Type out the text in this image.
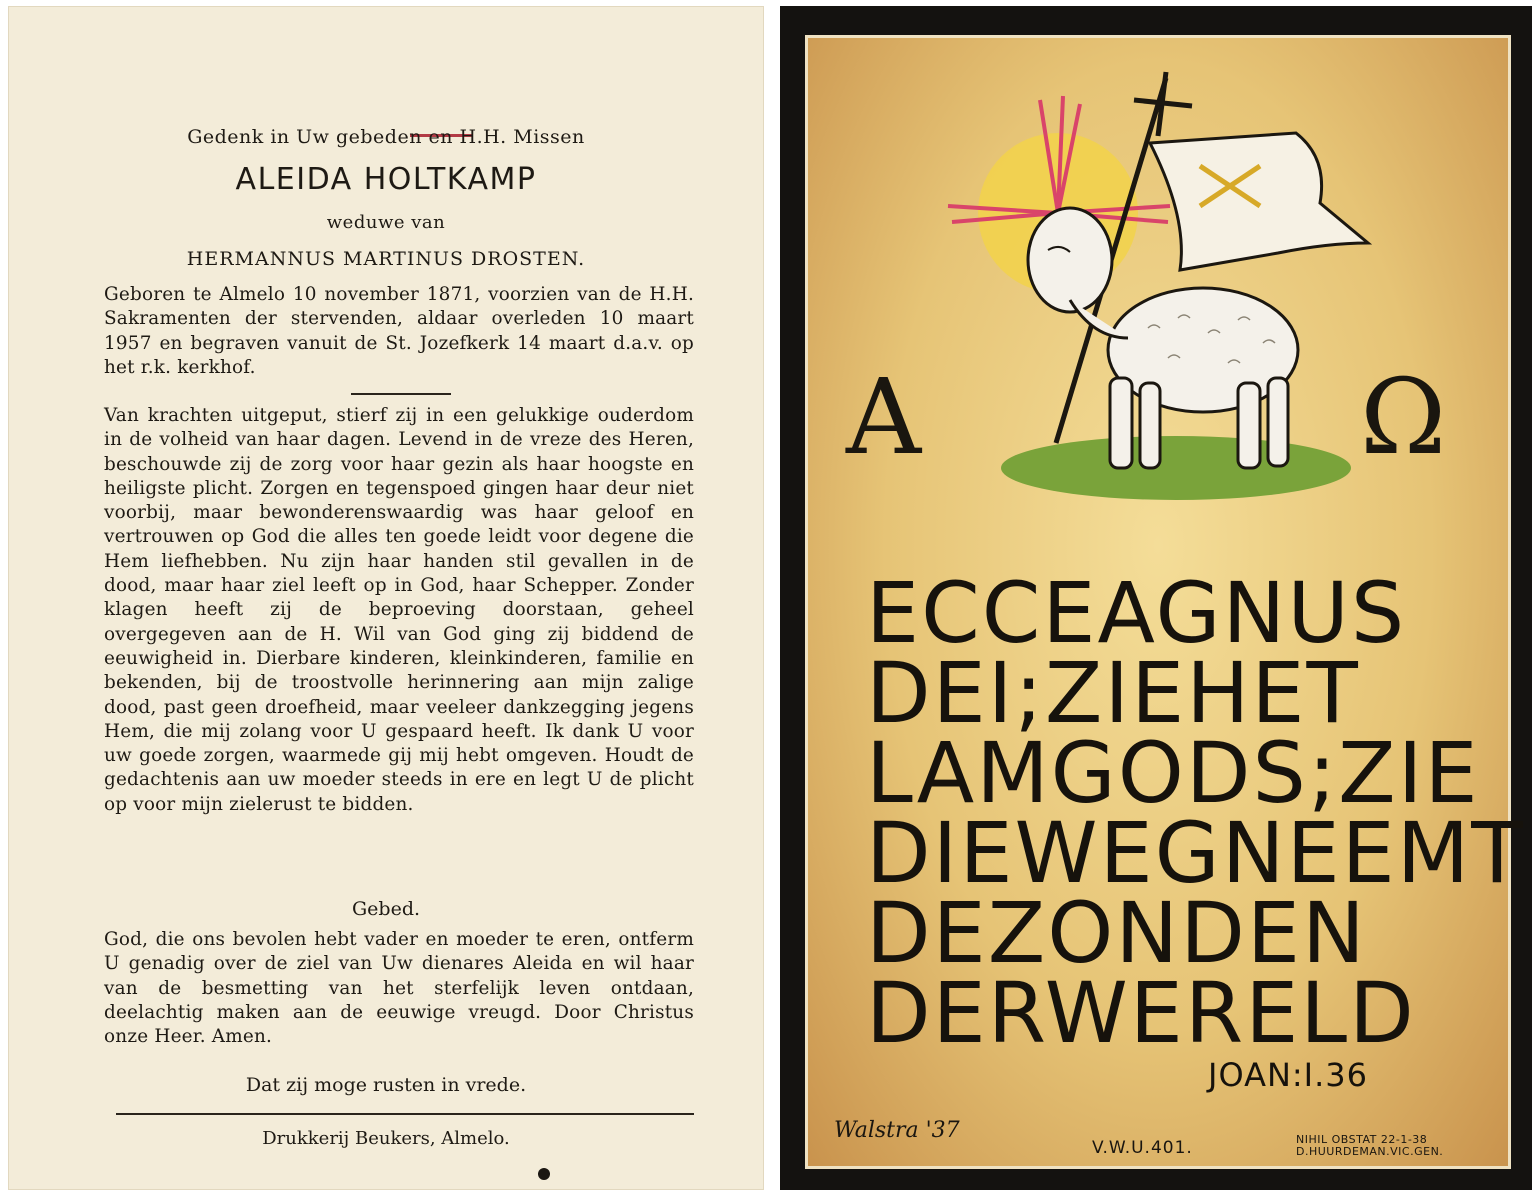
Gedenk in Uw gebeden en H.H. Missen
ALEIDA HOLTKAMP
weduwe van
HERMANNUS MARTINUS DROSTEN.

Geboren te Almelo 10 november 1871, voorzien van de H.H. Sakramenten der stervenden, aldaar overleden 10 maart 1957 en begraven vanuit de St. Jozefkerk 14 maart d.a.v. op het r.k. kerkhof.

Van krachten uitgeput, stierf zij in een gelukkige ouderdom in de volheid van haar dagen. Levend in de vreze des Heren, beschouwde zij de zorg voor haar gezin als haar hoogste en heiligste plicht. Zorgen en tegenspoed gingen haar deur niet voorbij, maar bewonderenswaardig was haar geloof en vertrouwen op God die alles ten goede leidt voor degene die Hem liefhebben. Nu zijn haar handen stil gevallen in de dood, maar haar ziel leeft op in God, haar Schepper. Zonder klagen heeft zij de beproeving doorstaan, geheel overgegeven aan de H. Wil van God ging zij biddend de eeuwigheid in. Dierbare kinderen, kleinkinderen, familie en bekenden, bij de troostvolle herinnering aan mijn zalige dood, past geen droefheid, maar veeleer dankzegging jegens Hem, die mij zolang voor U gespaard heeft. Ik dank U voor uw goede zorgen, waarmede gij mij hebt omgeven. Houdt de gedachtenis aan uw moeder steeds in ere en legt U de plicht op voor mijn zielerust te bidden.

Gebed.

God, die ons bevolen hebt vader en moeder te eren, ontferm U genadig over de ziel van Uw dienares Aleida en wil haar van de besmetting van het sterfelijk leven ontdaan, deelachtig maken aan de eeuwige vreugd. Door Christus onze Heer. Amen.

Dat zij moge rusten in vrede.
Drukkerij Beukers, Almelo.
A	Ω
ECCEAGNUS
DEI;ZIEHET
LAMGODS;ZIE
DIEWEGNEEMT
DEZONDEN
DERWERELD
JOAN:I.36
Walstra '37
V.W.U.401.	NIHIL OBSTAT 22-1-38
D.HUURDEMAN.VIC.GEN.
